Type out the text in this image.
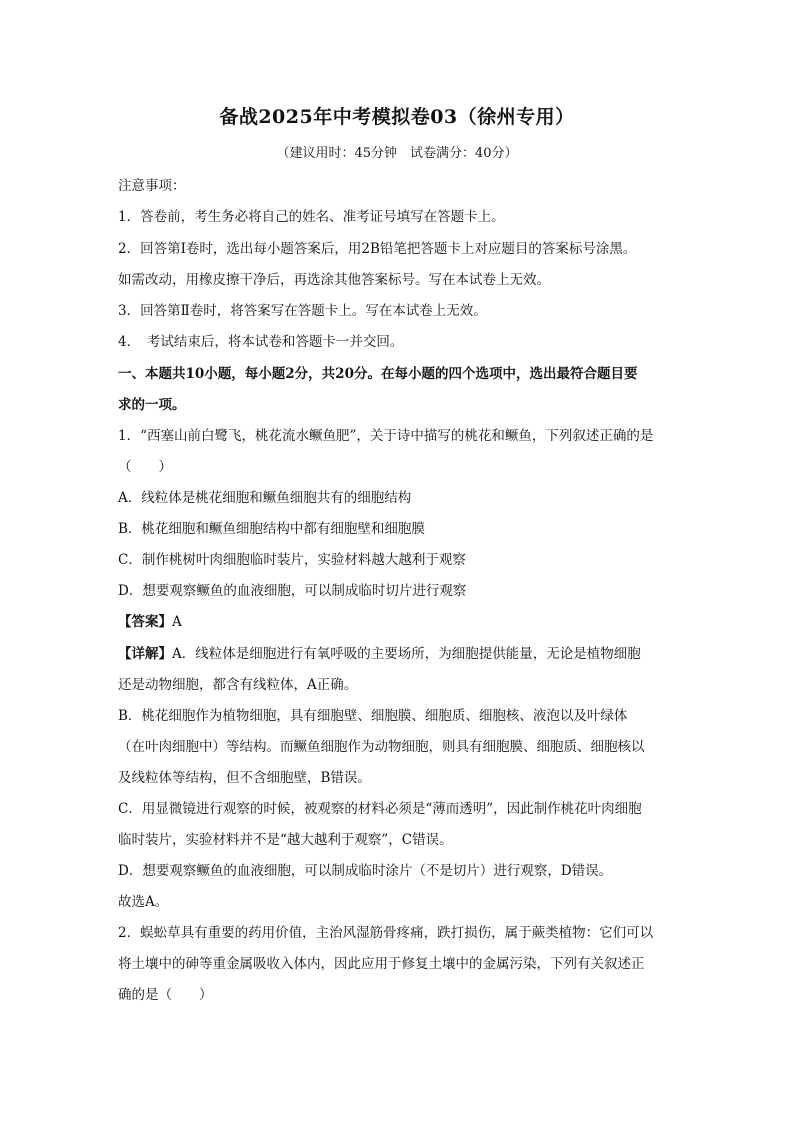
备战2025年中考模拟卷03（徐州专用）
（建议用时：45分钟　试卷满分：40分）
注意事项：
1．答卷前，考生务必将自己的姓名、准考证号填写在答题卡上。
2．回答第Ⅰ卷时，选出每小题答案后，用2B铅笔把答题卡上对应题目的答案标号涂黑。
如需改动，用橡皮擦干净后，再选涂其他答案标号。写在本试卷上无效。
3．回答第Ⅱ卷时，将答案写在答题卡上。写在本试卷上无效。
4．　考试结束后，将本试卷和答题卡一并交回。
一、本题共10小题，每小题2分，共20分。在每小题的四个选项中，选出最符合题目要
求的一项。
1．“西塞山前白鹭飞，桃花流水鳜鱼肥”，关于诗中描写的桃花和鳜鱼，下列叙述正确的是
（　　）
A．线粒体是桃花细胞和鳜鱼细胞共有的细胞结构
B．桃花细胞和鳜鱼细胞结构中都有细胞壁和细胞膜
C．制作桃树叶肉细胞临时装片，实验材料越大越利于观察
D．想要观察鳜鱼的血液细胞，可以制成临时切片进行观察
【答案】A
【详解】A．线粒体是细胞进行有氧呼吸的主要场所，为细胞提供能量，无论是植物细胞
还是动物细胞，都含有线粒体，A正确。
B．桃花细胞作为植物细胞，具有细胞壁、细胞膜、细胞质、细胞核、液泡以及叶绿体
（在叶肉细胞中）等结构。而鳜鱼细胞作为动物细胞，则具有细胞膜、细胞质、细胞核以
及线粒体等结构，但不含细胞壁，B错误。
C．用显微镜进行观察的时候，被观察的材料必须是“薄而透明”，因此制作桃花叶肉细胞
临时装片，实验材料并不是“越大越利于观察”，C错误。
D．想要观察鳜鱼的血液细胞，可以制成临时涂片（不是切片）进行观察，D错误。
故选A。
2．蜈蚣草具有重要的药用价值，主治风湿筋骨疼痛，跌打损伤，属于蕨类植物：它们可以
将土壤中的砷等重金属吸收入体内，因此应用于修复土壤中的金属污染，下列有关叙述正
确的是（　　）
